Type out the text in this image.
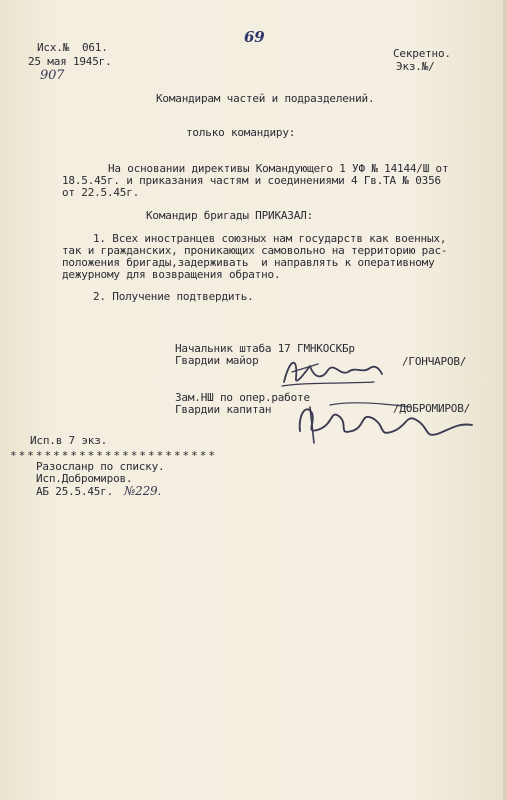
Исх.№  061.
25 мая 1945г.
907
69
Секретно.
Экз.№/
Командирам частей и подразделений.
только командиру:
На основании директивы Командующего 1 УФ № 14144/Ш от
18.5.45г. и приказания частям и соединениями 4 Гв.ТА № 0356
от 22.5.45г.
Командир бригады ПРИКАЗАЛ:
1. Всех иностранцев союзных нам государств как военных,
так и гражданских, проникающих самовольно на территорию рас-
положения бригады,задерживать  и направлять к оперативному
дежурному для возвращения обратно.
2. Получение подтвердить.
Начальник штаба 17 ГМНКОСКБр
Гвардии майор	/ГОНЧАРОВ/
Зам.НШ по опер.работе
Гвардии капитан	/ДОБРОМИРОВ/
Исп.в 7 экз.
∗∗∗∗∗∗∗∗∗∗∗∗∗∗∗∗∗∗∗∗∗∗∗∗
Разосланр по списку.
Исп.Добромиров.
АБ 25.5.45г. №229.
